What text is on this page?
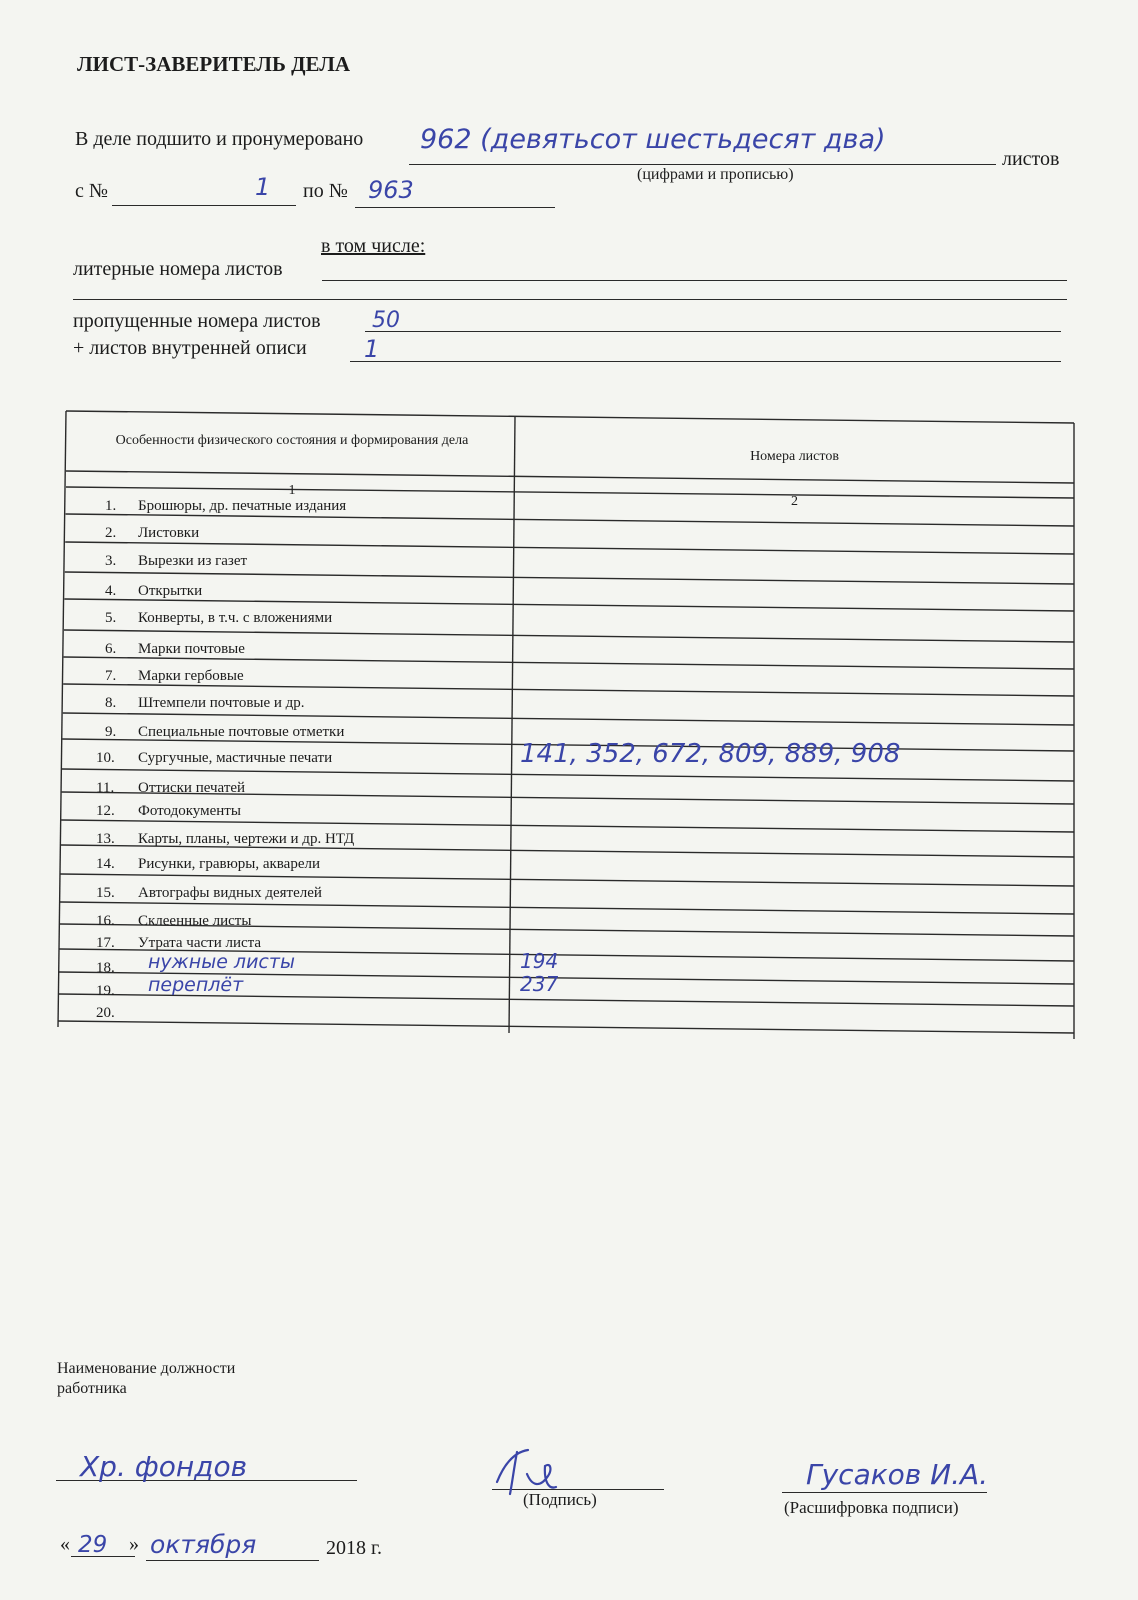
ЛИСТ-ЗАВЕРИТЕЛЬ ДЕЛА
В деле подшито и пронумеровано 962 (девятьсот шестьдесят два)
листов
(цифрами и прописью)
с №	1 по № 963
в том числе:
литерные номера листов
пропущенные номера листов 50
+ листов внутренней описи 1
Особенности физического состояния и формирования дела
Номера листов
1
2
1. Брошюры, др. печатные издания
2. Листовки
3. Вырезки из газет
4. Открытки
5. Конверты, в т.ч. с вложениями
6. Марки почтовые
7. Марки гербовые
8. Штемпели почтовые и др.
9. Специальные почтовые отметки
10. Сургучные, мастичные печати	141, 352, 672, 809, 889, 908
11. Оттиски печатей
12. Фотодокументы
13. Карты, планы, чертежи и др. НТД
14. Рисунки, гравюры, акварели
15. Автографы видных деятелей
16. Склеенные листы
17. Утрата части листа
18. нужные листы	194
19. переплёт	237
20.
Наименование должности
работника
Хр. фондов
(Подпись)
Гусаков И.А.
(Расшифровка подписи)
« 29 » октября	2018 г.
